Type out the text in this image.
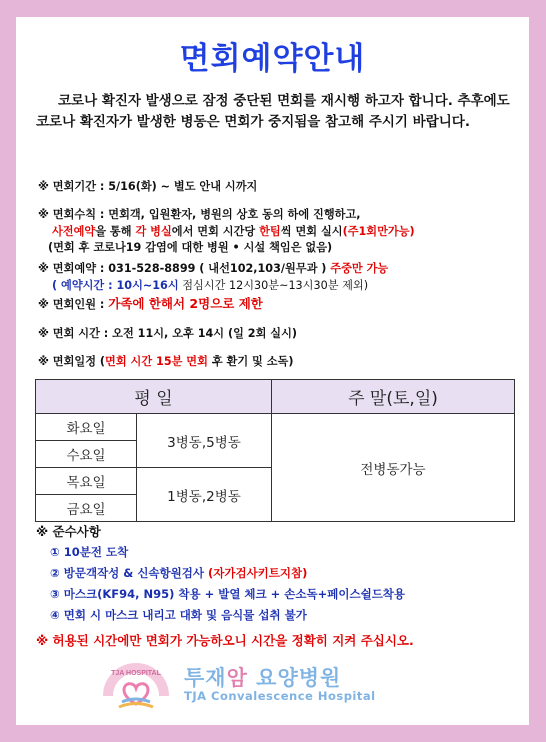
면회예약안내
코로나 확진자 발생으로 잠정 중단된 면회를 재시행 하고자 합니다. 추후에도 코로나 확진자가 발생한 병동은 면회가 중지됨을 참고해 주시기 바랍니다.
※ 면회기간 : 5/16(화) ~ 별도 안내 시까지
※ 면회수칙 : 면회객, 입원환자, 병원의 상호 동의 하에 진행하고,
사전예약을 통해 각 병실에서 면회 시간당 한팀씩 면회 실시(주1회만가능)
(면회 후 코로나19 감염에 대한 병원 • 시설 책임은 없음)
※ 면회예약 : 031-528-8899 ( 내선102,103/원무과 ) 주중만 가능
( 예약시간 : 10시~16시 점심시간 12시30분~13시30분 제외)
※ 면회인원 : 가족에 한해서 2명으로 제한
※ 면회 시간 : 오전 11시, 오후 14시 (일 2회 실시)
※ 면회일정 (면회 시간 15분 면회 후 환기 및 소독)
평 일		주 말(토,일)
화요일	3병동,5병동	전병동가능
수요일		
목요일	1병동,2병동	
금요일		
※ 준수사항
① 10분전 도착
② 방문객작성 & 신속항원검사 (자가검사키트지참)
③ 마스크(KF94, N95) 착용 + 발열 체크 + 손소독+페이스쉴드착용
④ 면회 시 마스크 내리고 대화 및 음식물 섭취 불가
※ 허용된 시간에만 면회가 가능하오니 시간을 정확히 지켜 주십시오.
TJA HOSPITAL 투재암 요양병원
TJA Convalescence Hospital
